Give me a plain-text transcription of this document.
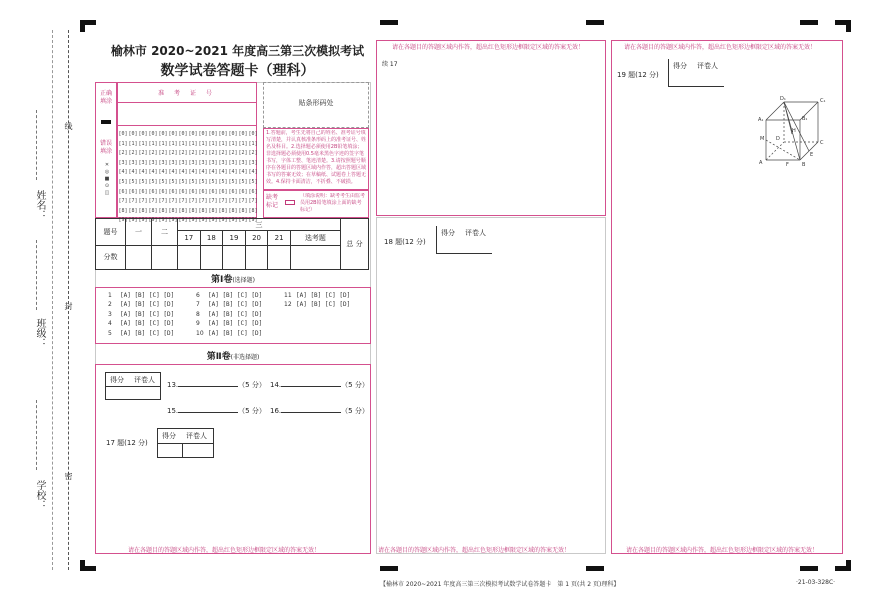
姓名：
班级：
学校：
线
封
密
榆林市 2020~2021 年度高三第三次模拟考试
数学试卷答题卡（理科）
正确填涂
错误填涂
✕
◎
■
⊙
◫
准 考 证 号
[0]
[1]
[2]
[3]
[4]
[5]
[6]
[7]
[8]
[9]
[0]
[1]
[2]
[3]
[4]
[5]
[6]
[7]
[8]
[9]
[0]
[1]
[2]
[3]
[4]
[5]
[6]
[7]
[8]
[9]
[0]
[1]
[2]
[3]
[4]
[5]
[6]
[7]
[8]
[9]
[0]
[1]
[2]
[3]
[4]
[5]
[6]
[7]
[8]
[9]
[0]
[1]
[2]
[3]
[4]
[5]
[6]
[7]
[8]
[9]
[0]
[1]
[2]
[3]
[4]
[5]
[6]
[7]
[8]
[9]
[0]
[1]
[2]
[3]
[4]
[5]
[6]
[7]
[8]
[9]
[0]
[1]
[2]
[3]
[4]
[5]
[6]
[7]
[8]
[9]
[0]
[1]
[2]
[3]
[4]
[5]
[6]
[7]
[8]
[9]
[0]
[1]
[2]
[3]
[4]
[5]
[6]
[7]
[8]
[9]
[0]
[1]
[2]
[3]
[4]
[5]
[6]
[7]
[8]
[9]
[0]
[1]
[2]
[3]
[4]
[5]
[6]
[7]
[8]
[9]
[0]
[1]
[2]
[3]
[4]
[5]
[6]
[7]
[8]
[9]
贴条形码处
1.答题前，考生先将自己的姓名、准考证号填写清楚，并认真核准条形码上的准考证号、姓名及科目。2.选择题必须使用2B铅笔填涂；非选择题必须使用0.5毫米黑色字迹的签字笔书写，字体工整、笔迹清楚。3.请按照题号顺序在各题目的答题区域内作答，超出答题区域书写的答案无效；在草稿纸、试题卷上答题无效。4.保持卡面清洁，不折叠、不破损。
缺考标记
（填涂说明：缺考考生由监考员用2B铅笔填涂上面的缺考标记）
题号	一	二	三						总 分
			17	18	19	20	21	选考题	
分数									
第Ⅰ卷(选择题)
1 [A] [B] [C] [D]
2 [A] [B] [C] [D]
3 [A] [B] [C] [D]
4 [A] [B] [C] [D]
5 [A] [B] [C] [D]
6 [A] [B] [C] [D]
7 [A] [B] [C] [D]
8 [A] [B] [C] [D]
9 [A] [B] [C] [D]
10 [A] [B] [C] [D]
11 [A] [B] [C] [D]
12 [A] [B] [C] [D]
第Ⅱ卷(非选择题)
得分 评卷人
13.	（5 分） 14.	（5 分）
15.	（5 分） 16.	（5 分）
17 题(12 分)
得分 评卷人
请在各题目的答题区域内作答，超出红色矩形边框限定区域的答案无效！
请在各题目的答题区域内作答，超出红色矩形边框限定区域的答案无效！
续 17
18 题(12 分)
得分 评卷人
请在各题目的答题区域内作答，超出红色矩形边框限定区域的答案无效！
请在各题目的答题区域内作答，超出红色矩形边框限定区域的答案无效！
19 题(12 分)
得分 评卷人
D₁	C₁
A₁	B₁
D
C
A	F	B
E
H
M
请在各题目的答题区域内作答，超出红色矩形边框限定区域的答案无效！
【榆林市 2020~2021 年度高三第三次模拟考试数学试卷答题卡　第 1 页(共 2 页)理科】	·21-03-328C·
